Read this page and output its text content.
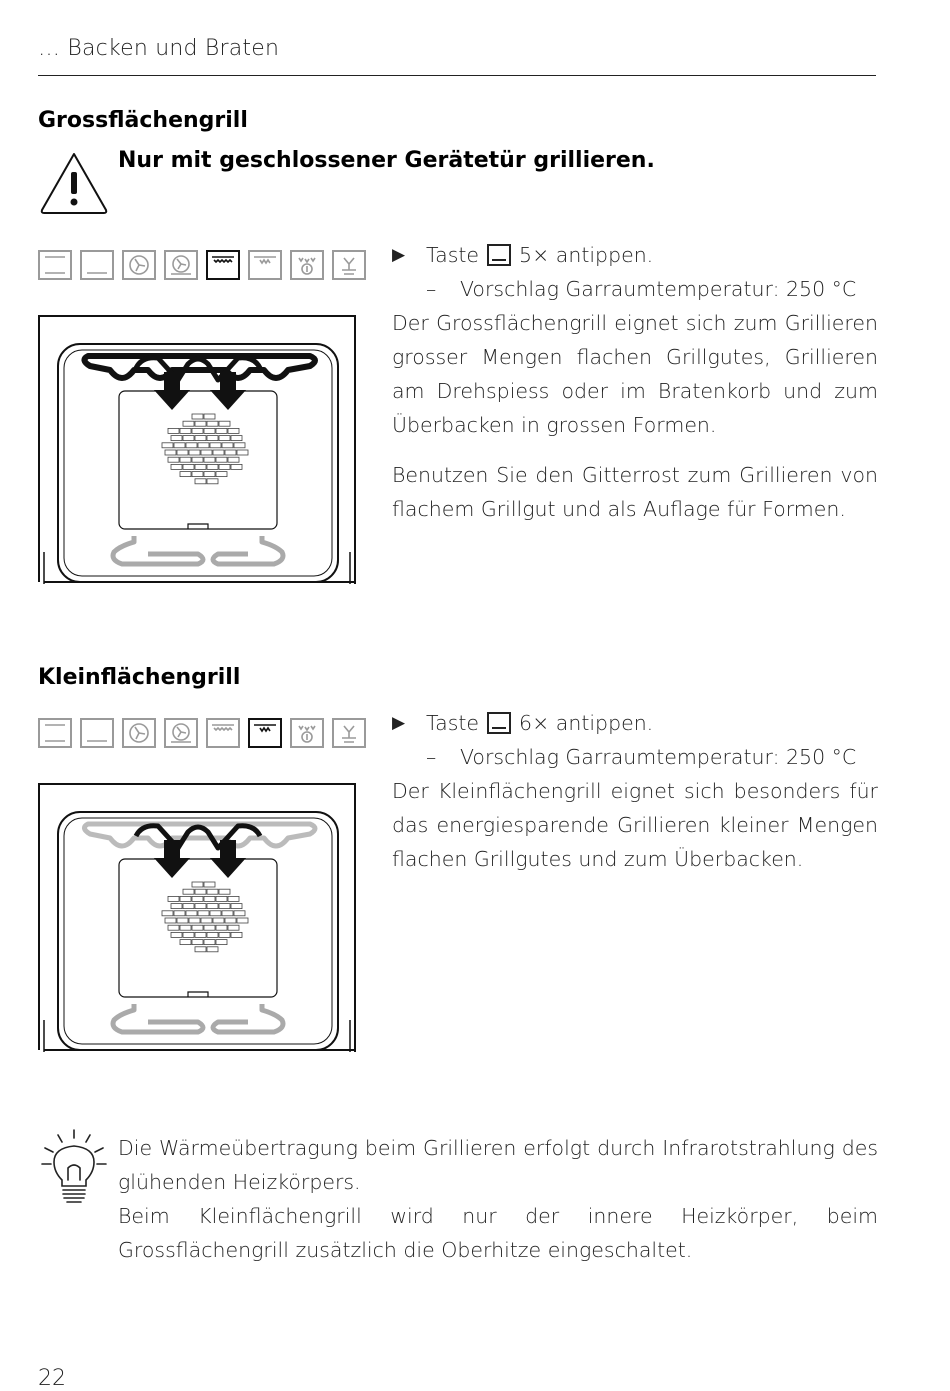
… Backen und Braten
Grossflächengrill

Nur mit geschlossener Gerätetür grillieren.

▶ Taste 5× antippen.
– Vorschlag Garraumtemperatur: 250 °C

Der Grossflächengrill eignet sich zum Grillieren grosser Mengen flachen Grillgutes, Grillieren am Drehspiess oder im Bratenkorb und zum Überbacken in grossen Formen.

Benutzen Sie den Gitterrost zum Grillieren von flachem Grillgut und als Auflage für Formen.

Kleinflächengrill
▶ Taste 6× antippen.
– Vorschlag Garraumtemperatur: 250 °C

Der Kleinflächengrill eignet sich besonders für das energiesparende Grillieren kleiner Mengen flachen Grillgutes und zum Überbacken.

Die Wärmeübertragung beim Grillieren erfolgt durch Infrarotstrahlung des glühenden Heizkörpers.

Beim Kleinflächengrill wird nur der innere Heizkörper, beim Grossflächengrill zusätzlich die Oberhitze eingeschaltet.

22
